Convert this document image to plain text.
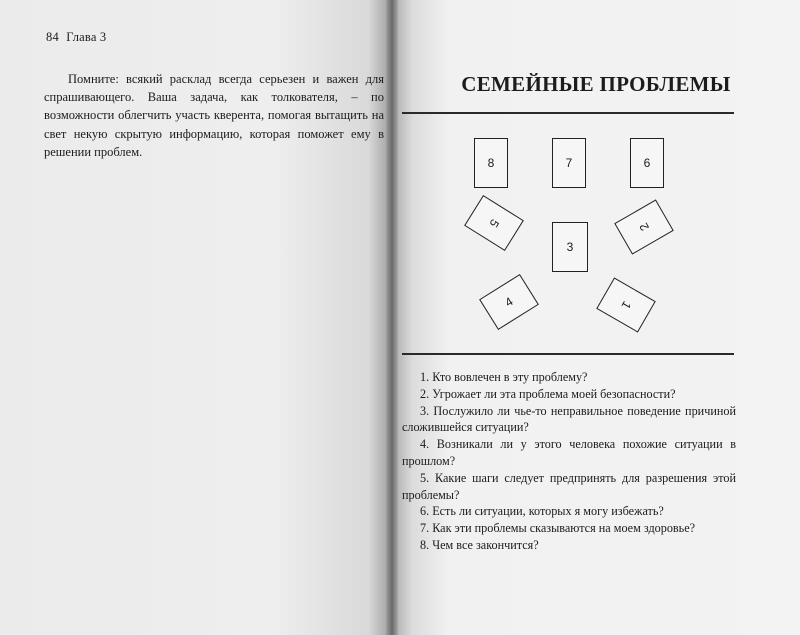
84 Глава 3

Помните: всякий расклад всегда серьезен и важен для спрашивающего. Ваша задача, как толкователя, – по возможности облегчить участь кверента, помогая вытащить на свет некую скрытую информацию, которая поможет ему в решении проблем.

СЕМЕЙНЫЕ ПРОБЛЕМЫ
8	7	6
5
3
2
4	1
1. Кто вовлечен в эту проблему?
2. Угрожает ли эта проблема моей безопасности?
3. Послужило ли чье-то неправильное поведение причиной сложившейся ситуации?
4. Возникали ли у этого человека похожие ситуации в прошлом?
5. Какие шаги следует предпринять для разрешения этой проблемы?
6. Есть ли ситуации, которых я могу избежать?
7. Как эти проблемы сказываются на моем здоровье?
8. Чем все закончится?
